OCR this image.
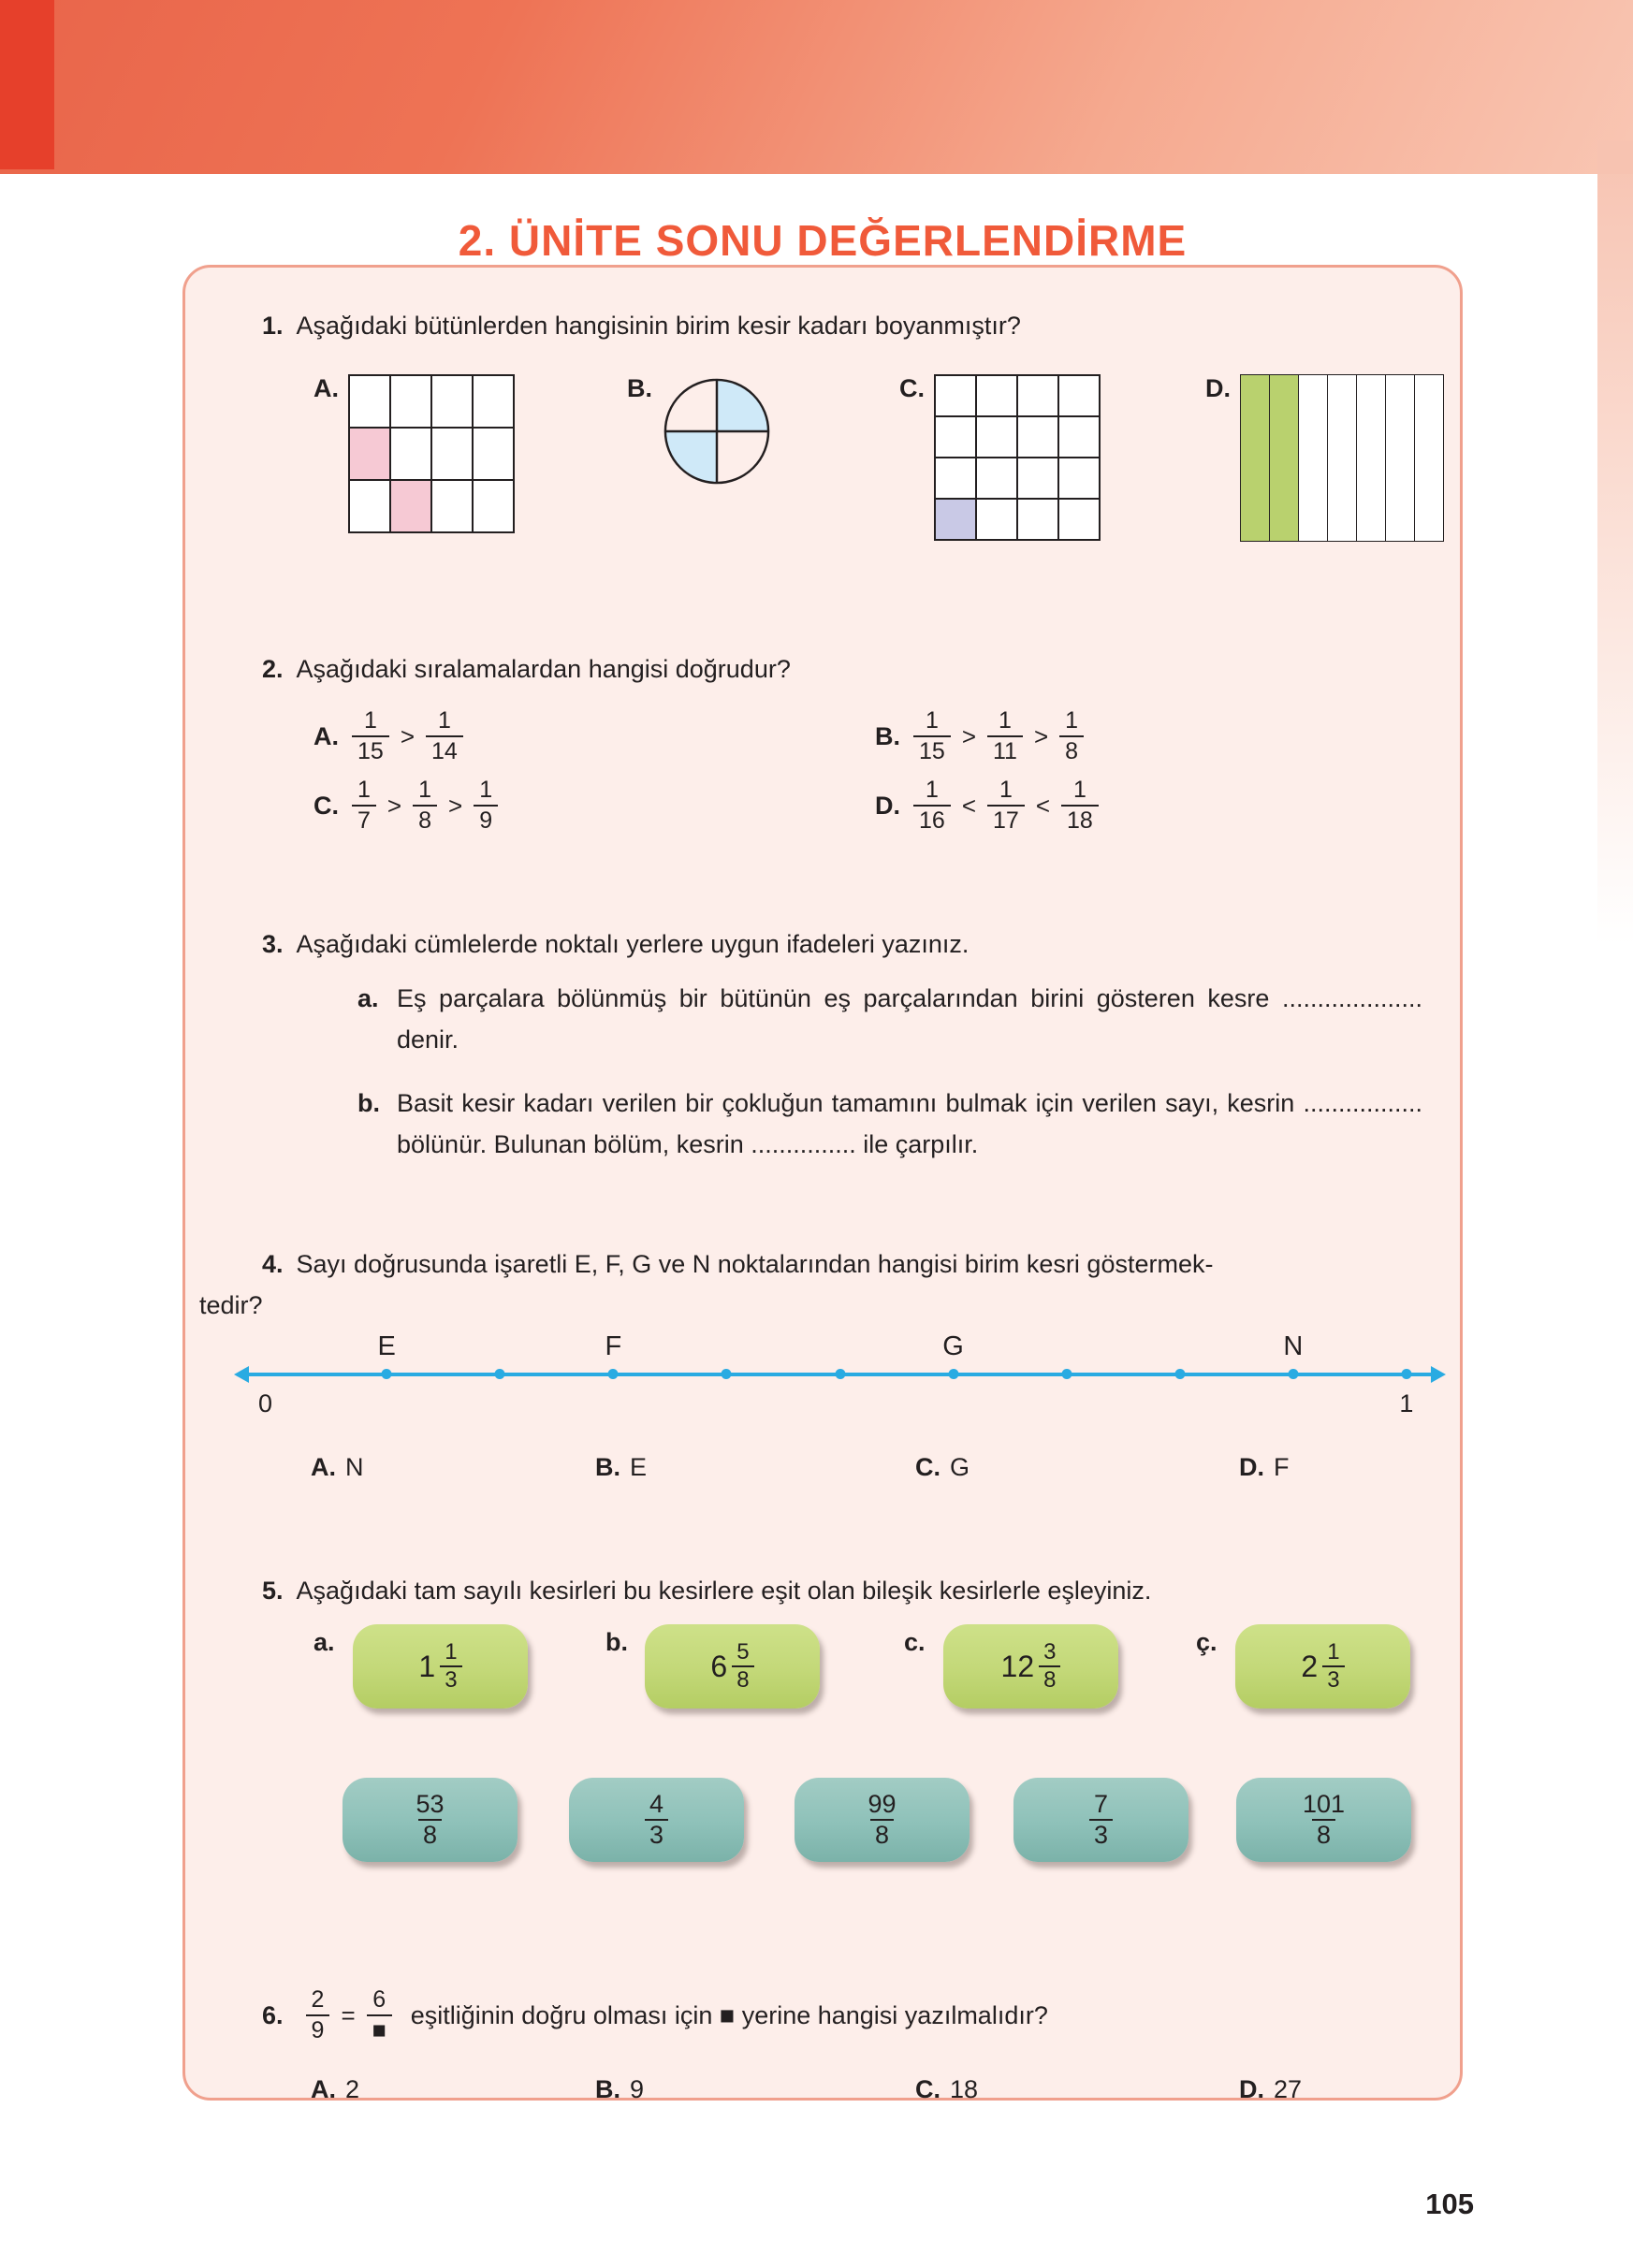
2. ÜNİTE SONU DEĞERLENDİRME
1. Aşağıdaki bütünlerden hangisinin birim kesir kadarı boyanmıştır?
A.	B.	C.	D.
2. Aşağıdaki sıralamalardan hangisi doğrudur?
A. $\frac{1}{15} > \frac{1}{14}$	B. $\frac{1}{15} > \frac{1}{11} > \frac{1}{8}$
C. $\frac{1}{7} > \frac{1}{8} > \frac{1}{9}$	D. $\frac{1}{16} < \frac{1}{17} < \frac{1}{18}$
3. Aşağıdaki cümlelerde noktalı yerlere uygun ifadeleri yazınız.
a. Eş parçalara bölünmüş bir bütünün eş parçalarından birini gösteren kesre .................... denir.
b. Basit kesir kadarı verilen bir çokluğun tamamını bulmak için verilen sayı, kesrin ................. bölünür. Bulunan bölüm, kesrin ............... ile çarpılır.
4. Sayı doğrusunda işaretli E, F, G ve N noktalarından hangisi birim kesri göstermek-
tedir?
0	1
E	F	G	N
A. N	B. E	C. G	D. F
5. Aşağıdaki tam sayılı kesirleri bu kesirlere eşit olan bileşik kesirlerle eşleyiniz.
a.
$1 \frac{1}{3}$	b.
$6 \frac{5}{8}$	c.
$12 \frac{3}{8}$	ç.
$2 \frac{1}{3}$
$\frac{53}{8}$	$\frac{4}{3}$	$\frac{99}{8}$	$\frac{7}{3}$	$\frac{101}{8}$
6. $\frac{2}{9} = \frac{6}{■}$ eşitliğinin doğru olması için ■ yerine hangisi yazılmalıdır?
A. 2	B. 9	C. 18	D. 27
105
